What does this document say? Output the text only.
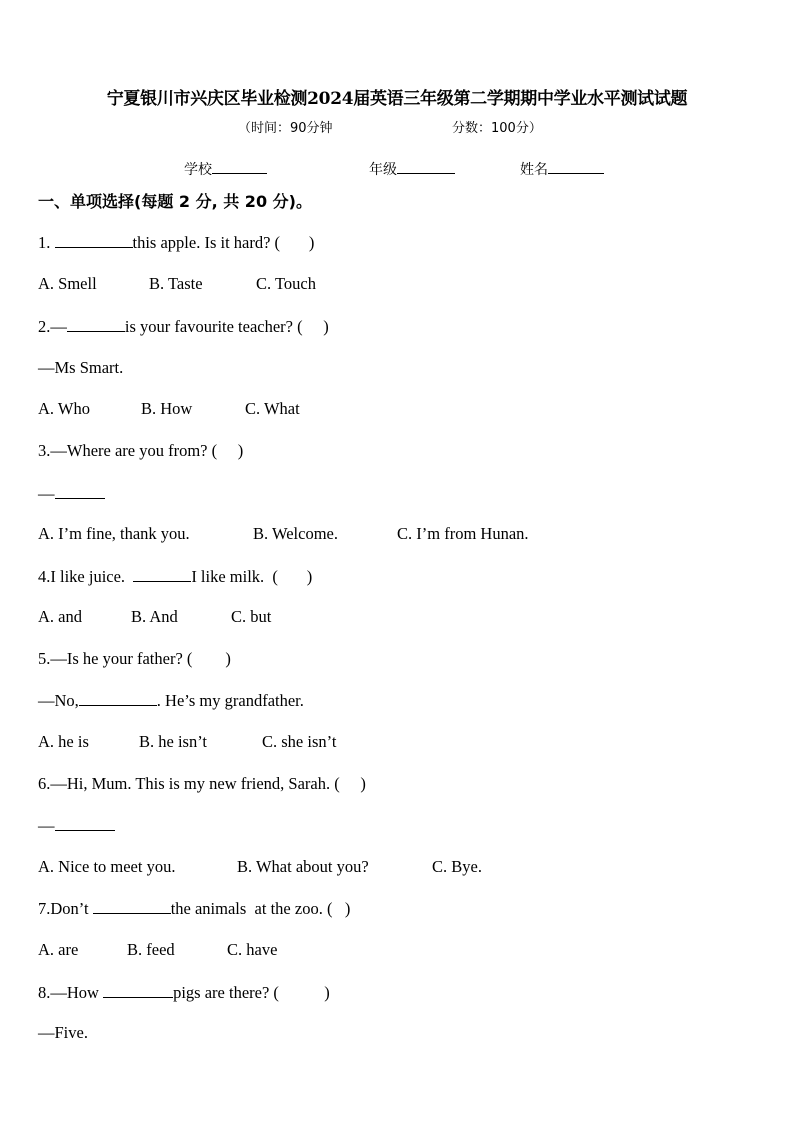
宁夏银川市兴庆区毕业检测2024届英语三年级第二学期期中学业水平测试试题
（时间：90分钟	分数：100分）
学校	年级	姓名
一、单项选择(每题 2 分, 共 20 分)。
1.	this apple. Is it hard? (       )
A. Smell	B. Taste	C. Touch
2.—	is your favourite teacher? (     )
—Ms Smart.
A. Who	B. How	C. What
3.—Where are you from? (     )
—
A. I’m fine, thank you.	B. Welcome.	C. I’m from Hunan.
4.I like juice.	I like milk.  (       )
A. and	B. And	C. but
5.—Is he your father? (        )
—No,	. He’s my grandfather.
A. he is	B. he isn’t	C. she isn’t
6.—Hi, Mum. This is my new friend, Sarah. (     )
—
A. Nice to meet you.	B. What about you?	C. Bye.
7.Don’t	the animals  at the zoo. (   )
A. are	B. feed	C. have
8.—How	pigs are there? (           )
—Five.
